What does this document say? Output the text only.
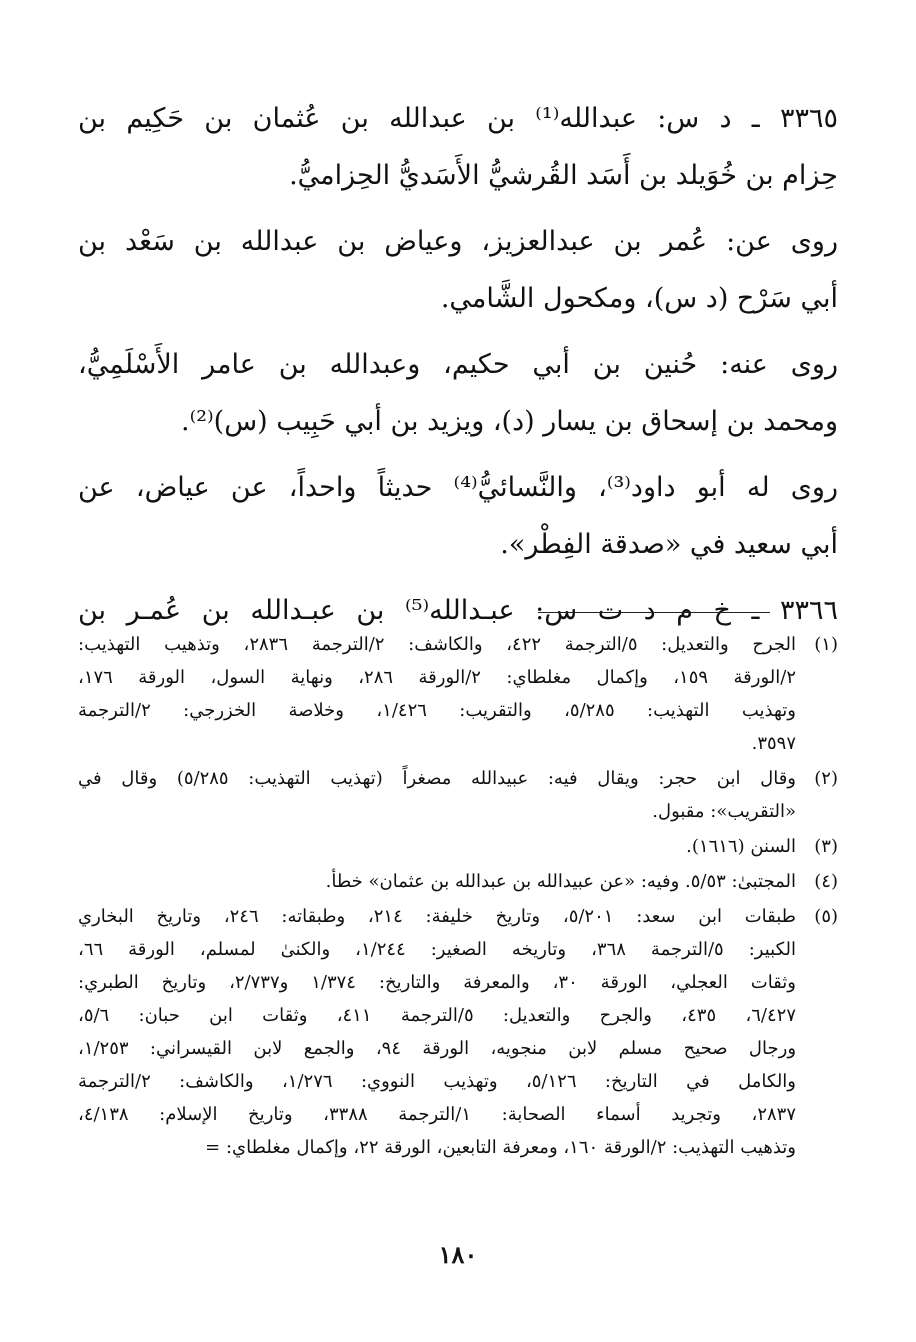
٣٣٦٥ ـ د س: عبدالله⁽¹⁾ بن عبدالله بن عُثمان بن حَكِيم بن
حِزام بن خُوَيلد بن أَسَد القُرشيُّ الأَسَديُّ الحِزاميُّ.
روى عن: عُمر بن عبدالعزيز، وعياض بن عبدالله بن سَعْد بن
أبي سَرْح (د س)، ومكحول الشَّامي.
روى عنه: حُنين بن أبي حكيم، وعبدالله بن عامر الأَسْلَمِيُّ،
ومحمد بن إسحاق بن يسار (د)، ويزيد بن أبي حَبِيب (س)⁽²⁾.
روى له أبو داود⁽³⁾، والنَّسائيُّ⁽⁴⁾ حديثاً واحداً، عن عياض، عن
أبي سعيد في «صدقة الفِطْر».
٣٣٦٦ ـ خ م د ت س: عبـدالله⁽⁵⁾ بن عبـدالله بن عُمـر بن
(١)الجرح والتعديل: ٥/الترجمة ٤٢٢، والكاشف: ٢/الترجمة ٢٨٣٦، وتذهيب التهذيب:
٢/الورقة ١٥٩، وإكمال مغلطاي: ٢/الورقة ٢٨٦، ونهاية السول، الورقة ١٧٦،
وتهذيب التهذيب: ٥/٢٨٥، والتقريب: ١/٤٢٦، وخلاصة الخزرجي: ٢/الترجمة
٣٥٩٧.
(٢)وقال ابن حجر: ويقال فيه: عبيدالله مصغراً (تهذيب التهذيب: ٥/٢٨٥) وقال في
«التقريب»: مقبول.
(٣)السنن (١٦١٦).
(٤)المجتبىٰ: ٥/٥٣. وفيه: «عن عبيدالله بن عبدالله بن عثمان» خطأ.
(٥)طبقات ابن سعد: ٥/٢٠١، وتاريخ خليفة: ٢١٤، وطبقاته: ٢٤٦، وتاريخ البخاري
الكبير: ٥/الترجمة ٣٦٨، وتاريخه الصغير: ١/٢٤٤، والكنىٰ لمسلم، الورقة ٦٦،
وثقات العجلي، الورقة ٣٠، والمعرفة والتاريخ: ١/٣٧٤ و٢/٧٣٧، وتاريخ الطبري:
٦/٤٢٧، ٤٣٥، والجرح والتعديل: ٥/الترجمة ٤١١، وثقات ابن حبان: ٥/٦،
ورجال صحيح مسلم لابن منجويه، الورقة ٩٤، والجمع لابن القيسراني: ١/٢٥٣،
والكامل في التاريخ: ٥/١٢٦، وتهذيب النووي: ١/٢٧٦، والكاشف: ٢/الترجمة
٢٨٣٧، وتجريد أسماء الصحابة: ١/الترجمة ٣٣٨٨، وتاريخ الإسلام: ٤/١٣٨،
وتذهيب التهذيب: ٢/الورقة ١٦٠، ومعرفة التابعين، الورقة ٢٢، وإكمال مغلطاي: =
١٨٠
